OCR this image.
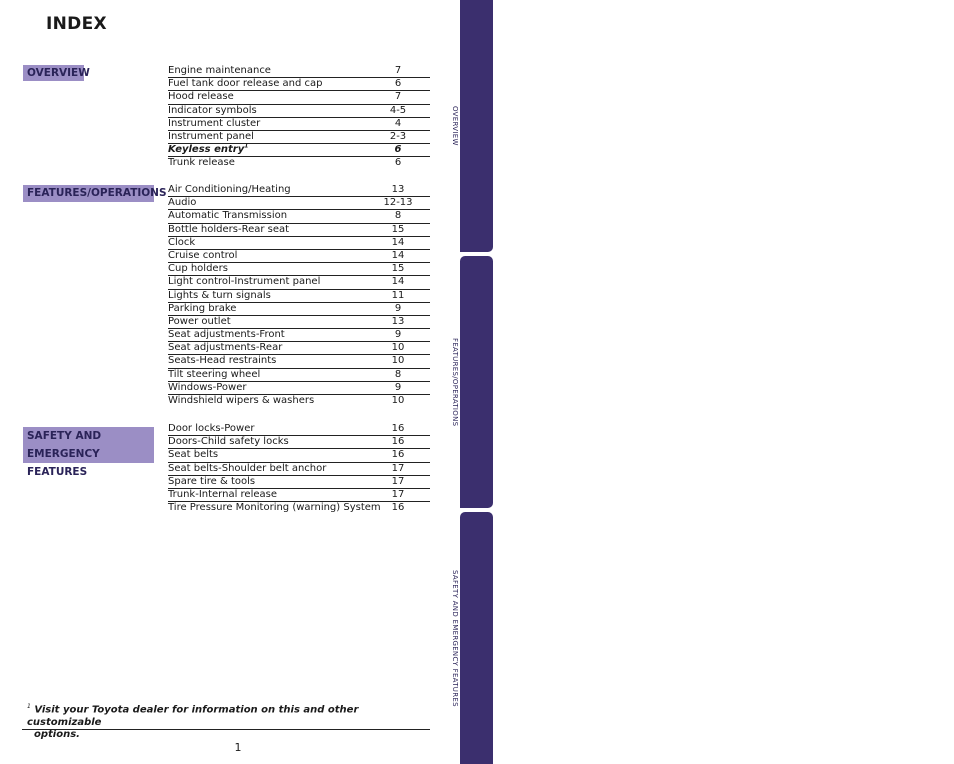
INDEX
OVERVIEW	Engine maintenance	7
Fuel tank door release and cap	6
Hood release	7
Indicator symbols	4-5
Instrument cluster	4
Instrument panel	2-3
Keyless entry$^1$	6
Trunk release	6
FEATURES/OPERATIONS Air Conditioning/Heating	13
Audio	12-13
Automatic Transmission	8
Bottle holders-Rear seat	15
Clock	14
Cruise control	14
Cup holders	15
Light control-Instrument panel	14
Lights & turn signals	11
Parking brake	9
Power outlet	13
Seat adjustments-Front	9
Seat adjustments-Rear	10
Seats-Head restraints	10
Tilt steering wheel	8
Windows-Power	9
Windshield wipers & washers	10
SAFETY AND
EMERGENCY FEATURES
Door locks-Power	16
Doors-Child safety locks	16
Seat belts	16
Seat belts-Shoulder belt anchor	17
Spare tire & tools	17
Trunk-Internal release	17
Tire Pressure Monitoring (warning) System	16
$^1$ Visit your Toyota dealer for information on this and other customizable
options.
1
OVERVIEW
FEATURES/OPERATIONS
SAFETY AND EMERGENCY FEATURES
